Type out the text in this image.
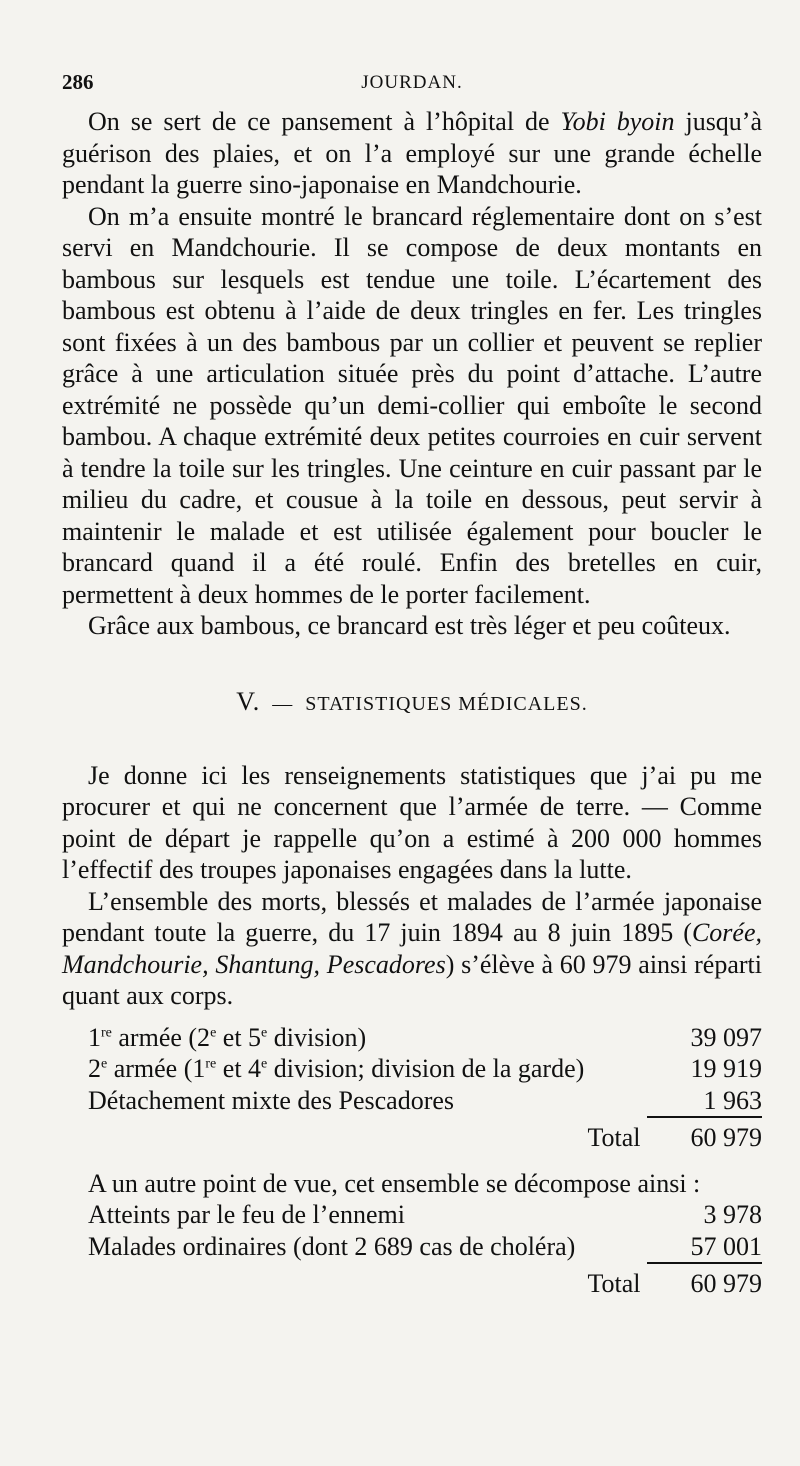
286	JOURDAN.

On se sert de ce pansement à l’hôpital de Yobi byoin jusqu’à guérison des plaies, et on l’a employé sur une grande échelle pendant la guerre sino-japonaise en Mandchourie.

On m’a ensuite montré le brancard réglementaire dont on s’est servi en Mandchourie. Il se compose de deux montants en bambous sur lesquels est tendue une toile. L’écartement des bambous est obtenu à l’aide de deux tringles en fer. Les tringles sont fixées à un des bambous par un collier et peuvent se replier grâce à une articulation située près du point d’attache. L’autre extrémité ne possède qu’un demi-collier qui emboîte le second bambou. A chaque extrémité deux petites courroies en cuir servent à tendre la toile sur les tringles. Une ceinture en cuir passant par le milieu du cadre, et cousue à la toile en dessous, peut servir à maintenir le malade et est utilisée également pour boucler le brancard quand il a été roulé. Enfin des bretelles en cuir, permettent à deux hommes de le porter facilement.

Grâce aux bambous, ce brancard est très léger et peu coûteux.

V. — STATISTIQUES MÉDICALES.

Je donne ici les renseignements statistiques que j’ai pu me procurer et qui ne concernent que l’armée de terre. — Comme point de départ je rappelle qu’on a estimé à 200 000 hommes l’effectif des troupes japonaises engagées dans la lutte.

L’ensemble des morts, blessés et malades de l’armée japonaise pendant toute la guerre, du 17 juin 1894 au 8 juin 1895 (Corée, Mandchourie, Shantung, Pescadores) s’élève à 60 979 ainsi réparti quant aux corps.

1re armée (2e et 5e division)	39 097
2e armée (1re et 4e division; division de la garde)	19 919
Détachement mixte des Pescadores	1 963
Total 60 979

A un autre point de vue, cet ensemble se décompose ainsi :

Atteints par le feu de l’ennemi	3 978
Malades ordinaires (dont 2 689 cas de choléra)	57 001
Total 60 979
